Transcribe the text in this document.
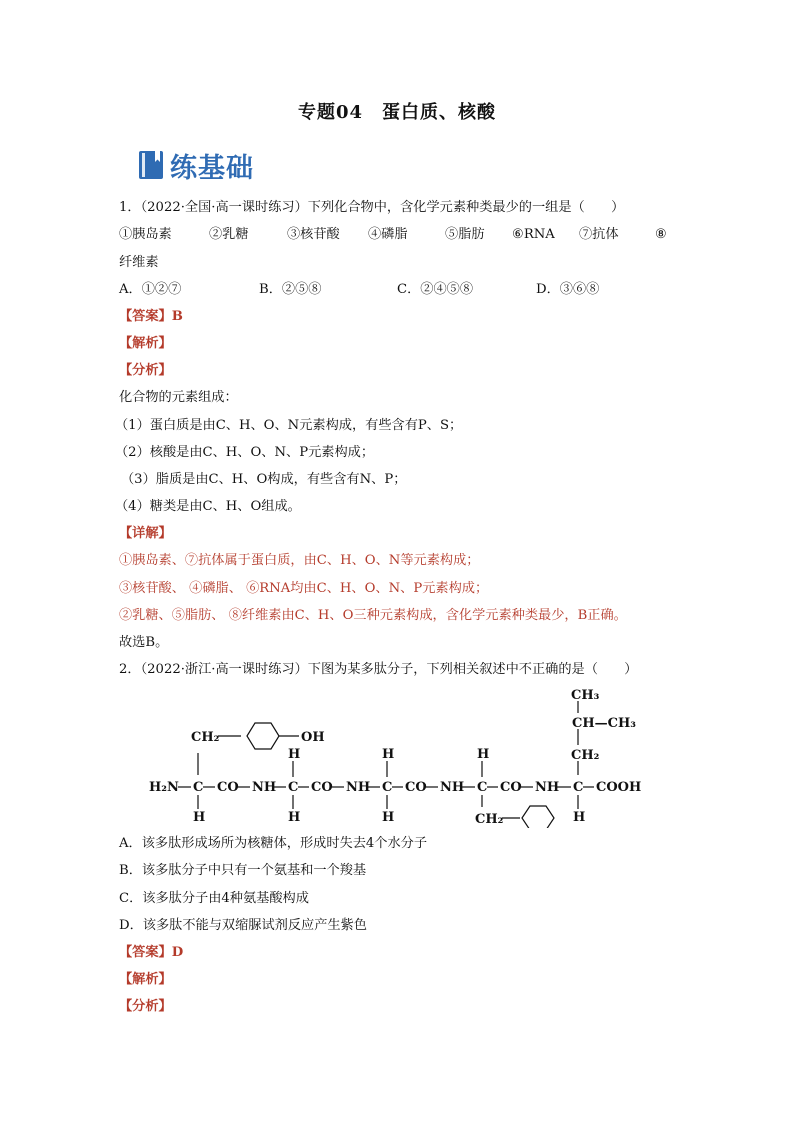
专题04　蛋白质、核酸
练基础
1．（2022·全国·高一课时练习）下列化合物中，含化学元素种类最少的一组是（　　）
①胰岛素	②乳糖	③核苷酸 ④磷脂	⑤脂肪 ⑥RNA ⑦抗体	⑧
纤维素
A．①②⑦	B．②⑤⑧	C．②④⑤⑧	D．③⑥⑧
【答案】B
【解析】
【分析】
化合物的元素组成：
（1）蛋白质是由C、H、O、N元素构成，有些含有P、S；
（2）核酸是由C、H、O、N、P元素构成；
（3）脂质是由C、H、O构成，有些含有N、P；
（4）糖类是由C、H、O组成。
【详解】
①胰岛素、⑦抗体属于蛋白质，由C、H、O、N等元素构成；
③核苷酸、 ④磷脂、 ⑥RNA均由C、H、O、N、P元素构成；
②乳糖、⑤脂肪、 ⑧纤维素由C、H、O三种元素构成，含化学元素种类最少，B正确。
故选B。
2．（2022·浙江·高一课时练习）下图为某多肽分子，下列相关叙述中不正确的是（　　）
H₂N C CO NH C CO NH C CO NH C CO NH C COOH
CH₂	OH
H
H
H
H
H
H
CH₂
CH₂
H
CH—CH₃
CH₃
A．该多肽形成场所为核糖体，形成时失去4个水分子
B．该多肽分子中只有一个氨基和一个羧基
C．该多肽分子由4种氨基酸构成
D．该多肽不能与双缩脲试剂反应产生紫色
【答案】D
【解析】
【分析】
